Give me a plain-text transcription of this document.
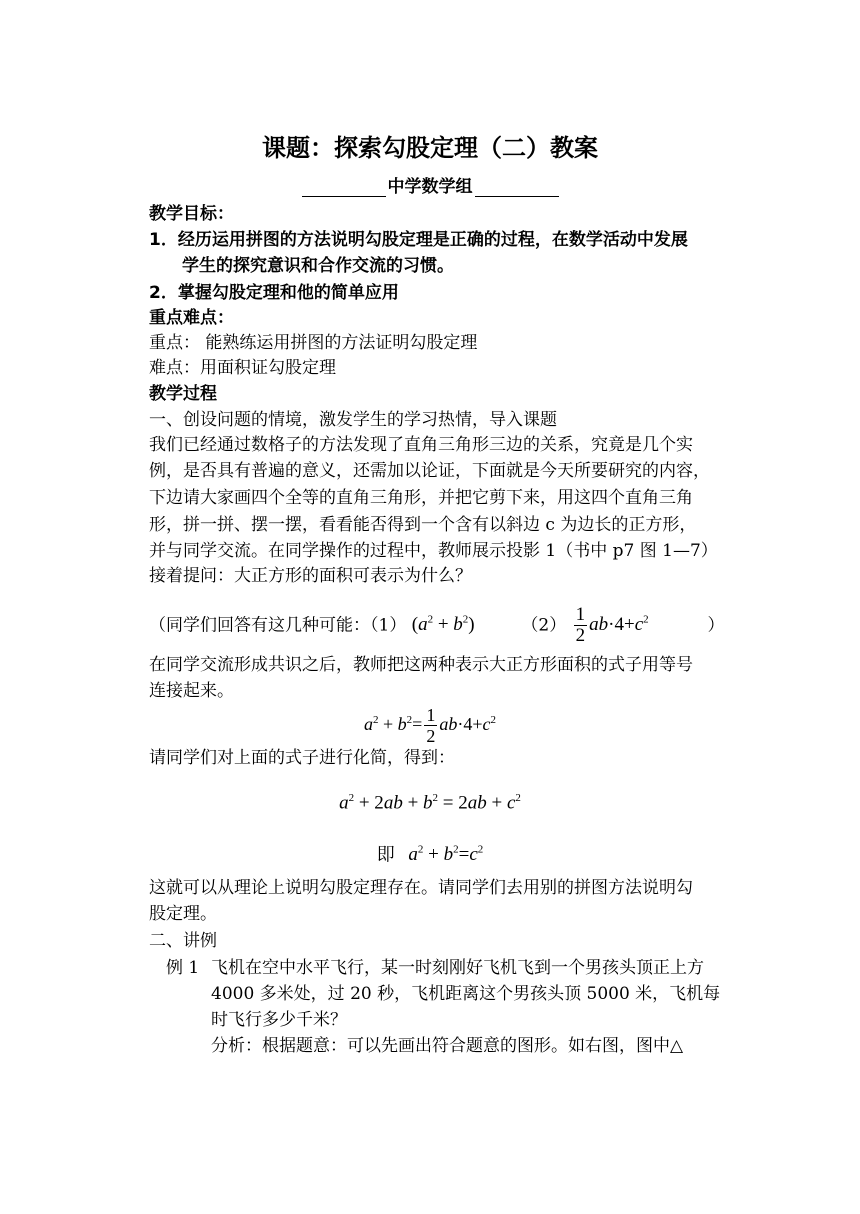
课题：探索勾股定理（二）教案
中学数学组
教学目标：
1．经历运用拼图的方法说明勾股定理是正确的过程，在数学活动中发展
学生的探究意识和合作交流的习惯。
2．掌握勾股定理和他的简单应用
重点难点：
重点： 能熟练运用拼图的方法证明勾股定理
难点：用面积证勾股定理
教学过程
一、创设问题的情境，激发学生的学习热情，导入课题
我们已经通过数格子的方法发现了直角三角形三边的关系，究竟是几个实
例，是否具有普遍的意义，还需加以论证，下面就是今天所要研究的内容，
下边请大家画四个全等的直角三角形，并把它剪下来，用这四个直角三角
形，拼一拼、摆一摆，看看能否得到一个含有以斜边 c 为边长的正方形，
并与同学交流。在同学操作的过程中，教师展示投影 1（书中 p7 图 1—7）
接着提问：大正方形的面积可表示为什么？
（同学们回答有这几种可能：（1） $(a^2 + b^2)$	$(2) \frac{1}{2} ab\cdot 4+c^2$	）
在同学交流形成共识之后，教师把这两种表示大正方形面积的式子用等号
连接起来。
$a^2 + b^2= \frac{1}{2} ab\cdot 4+c^2$
请同学们对上面的式子进行化简，得到：
$a^2 + 2ab + b^2 = 2ab + c^2$
即 $a^2 + b^2=c^2$
这就可以从理论上说明勾股定理存在。请同学们去用别的拼图方法说明勾
股定理。
二、讲例
例 1 飞机在空中水平飞行，某一时刻刚好飞机飞到一个男孩头顶正上方
4000 多米处，过 20 秒，飞机距离这个男孩头顶 5000 米，飞机每
时飞行多少千米？
分析：根据题意：可以先画出符合题意的图形。如右图，图中△
